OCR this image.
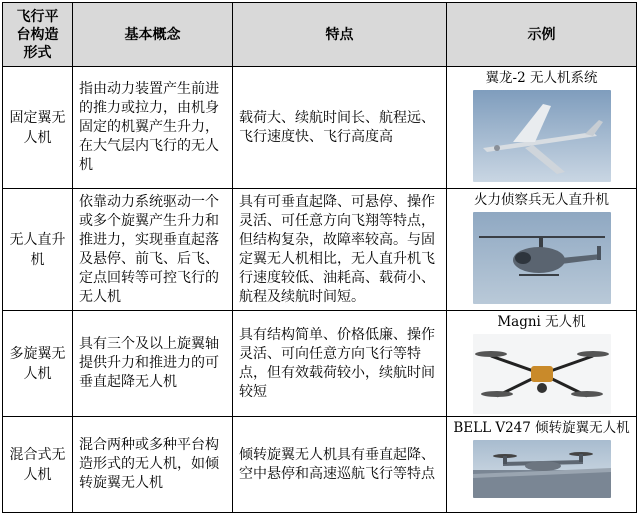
飞行平台构造形式	基本概念	特点	示例
固定翼无人机	指由动力装置产生前进的推力或拉力，由机身固定的机翼产生升力，在大气层内飞行的无人机	载荷大、续航时间长、航程远、飞行速度快、飞行高度高	翼龙-2 无人机系统

无人直升机	依靠动力系统驱动一个或多个旋翼产生升力和推进力，实现垂直起落及悬停、前飞、后飞、定点回转等可控飞行的无人机	具有可垂直起降、可悬停、操作灵活、可任意方向飞翔等特点，但结构复杂，故障率较高。与固定翼无人机相比，无人直升机飞行速度较低、油耗高、载荷小、航程及续航时间短。	火力侦察兵无人直升机

多旋翼无人机	具有三个及以上旋翼轴提供升力和推进力的可垂直起降无人机	具有结构简单、价格低廉、操作灵活、可向任意方向飞行等特点，但有效载荷较小，续航时间较短	Magni 无人机

混合式无人机	混合两种或多种平台构造形式的无人机，如倾转旋翼无人机	倾转旋翼无人机具有垂直起降、空中悬停和高速巡航飞行等特点	BELL V247 倾转旋翼无人机
